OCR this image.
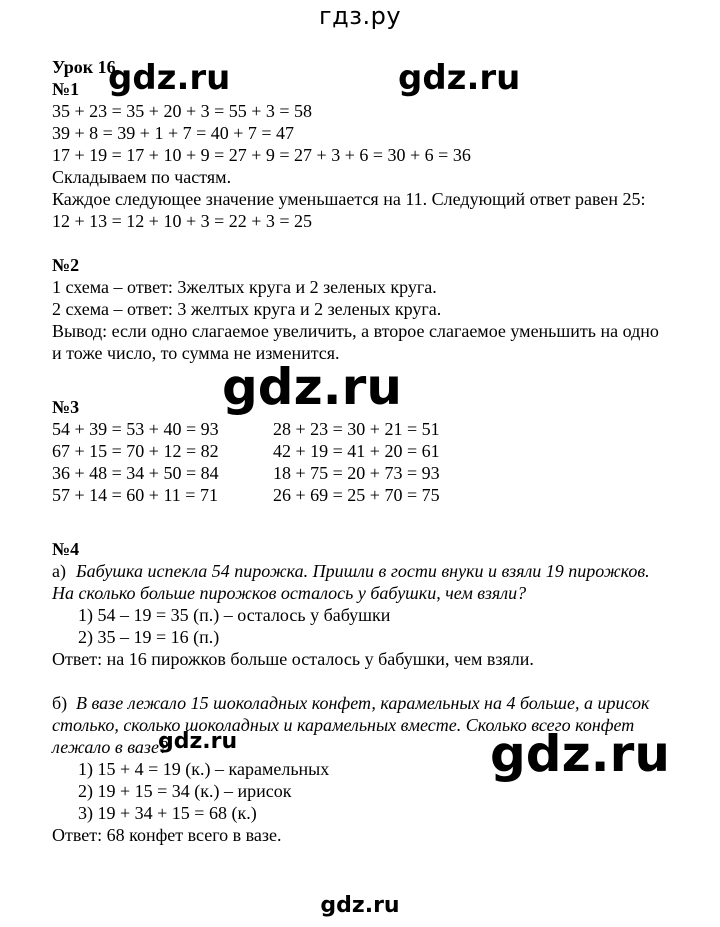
гдз.ру
gdz.ru	gdz.ru
gdz.ru
gdz.ru	gdz.ru
Урок 16.
№1
35 + 23 = 35 + 20 + 3 = 55 + 3 = 58
39 + 8 = 39 + 1 + 7 = 40 + 7 = 47
17 + 19 = 17 + 10 + 9 = 27 + 9 = 27 + 3 + 6 = 30 + 6 = 36
Складываем по частям.
Каждое следующее значение уменьшается на 11. Следующий ответ равен 25:
12 + 13 = 12 + 10 + 3 = 22 + 3 = 25
№2
1 схема – ответ: 3желтых круга и 2 зеленых круга.
2 схема – ответ: 3 желтых круга и 2 зеленых круга.
Вывод: если одно слагаемое увеличить, а второе слагаемое уменьшить на одно
и тоже число, то сумма не изменится.
№3
54 + 39 = 53 + 40 = 93
67 + 15 = 70 + 12 = 82
36 + 48 = 34 + 50 = 84
57 + 14 = 60 + 11 = 71
28 + 23 = 30 + 21 = 51
42 + 19 = 41 + 20 = 61
18 + 75 = 20 + 73 = 93
26 + 69 = 25 + 70 = 75
№4
а) Бабушка испекла 54 пирожка. Пришли в гости внуки и взяли 19 пирожков.
На сколько больше пирожков осталось у бабушки, чем взяли?
1) 54 – 19 = 35 (п.) – осталось у бабушки
2) 35 – 19 = 16 (п.)
Ответ: на 16 пирожков больше осталось у бабушки, чем взяли.
б) В вазе лежало 15 шоколадных конфет, карамельных на 4 больше, а ирисок
столько, сколько шоколадных и карамельных вместе. Сколько всего конфет
лежало в вазе?
1) 15 + 4 = 19 (к.) – карамельных
2) 19 + 15 = 34 (к.) – ирисок
3) 19 + 34 + 15 = 68 (к.)
Ответ: 68 конфет всего в вазе.
gdz.ru
